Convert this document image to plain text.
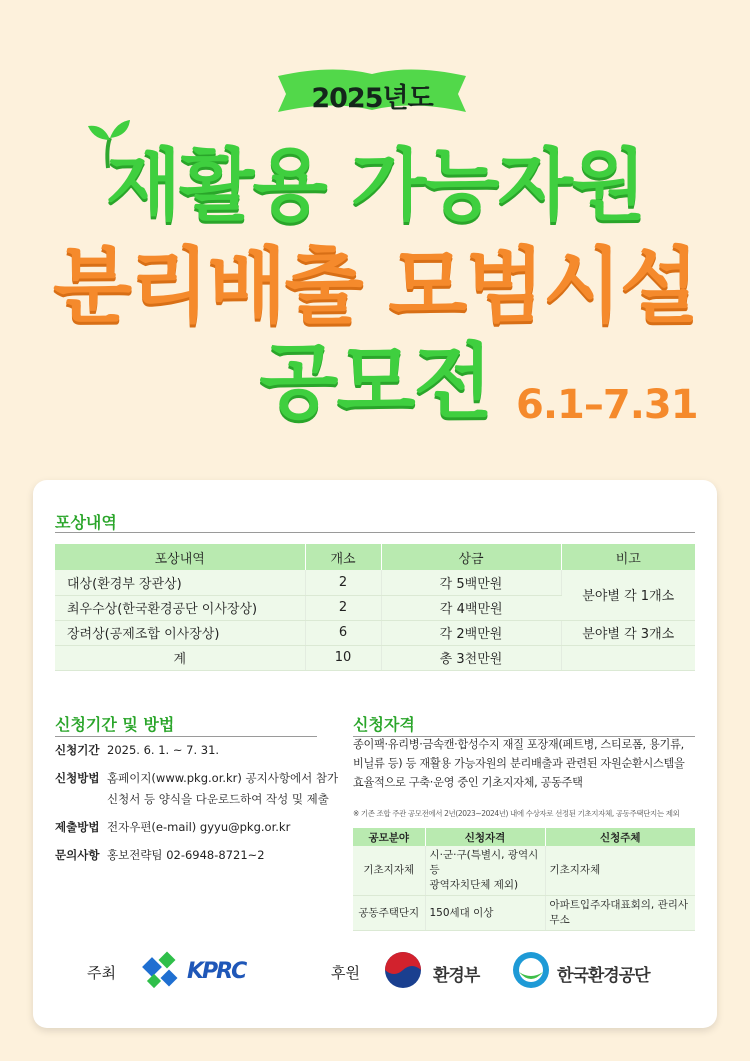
2025년도
재활용 가능자원
분리배출 모범시설
공모전 6.1–7.31
포상내역
포상내역	개소	상금	비고
대상(환경부 장관상)	2	각 5백만원	분야별 각 1개소
최우수상(한국환경공단 이사장상)	2	각 4백만원	
장려상(공제조합 이사장상)	6	각 2백만원	분야별 각 3개소
계	10	총 3천만원	
신청기간 및 방법
신청기간 2025. 6. 1. ~ 7. 31.
신청방법 홈페이지(www.pkg.or.kr) 공지사항에서 참가
신청서 등 양식을 다운로드하여 작성 및 제출
제출방법 전자우편(e-mail) gyyu@pkg.or.kr
문의사항 홍보전략팀 02-6948-8721~2
신청자격
종이팩·유리병·금속캔·합성수지 재질 포장재(페트병, 스티로폼, 용기류,
비닐류 등) 등 재활용 가능자원의 분리배출과 관련된 자원순환시스템을
효율적으로 구축·운영 중인 기초지자체, 공동주택
※ 기존 조합 주관 공모전에서 2년(2023~2024년) 내에 수상자로 선정된 기초지자체, 공동주택단지는 제외
공모분야	신청자격	신청주체
기초지자체	시·군·구(특별시, 광역시 등
광역자치단체 제외)	기초지자체
공동주택단지	150세대 이상	아파트입주자대표회의, 관리사무소
주최	KPRC	후원	환경부	한국환경공단
